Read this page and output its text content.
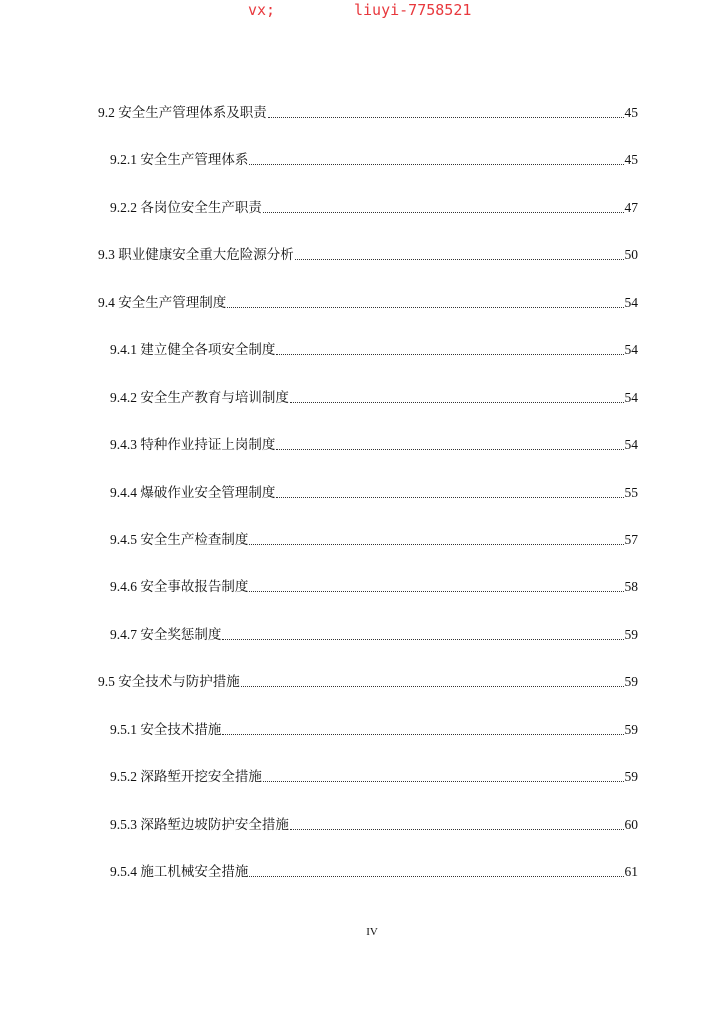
vx;

	liuyi-7758521

9.2 安全生产管理体系及职责	45
9.2.1 安全生产管理体系	45
9.2.2 各岗位安全生产职责	47
9.3 职业健康安全重大危险源分析	50
9.4 安全生产管理制度	54
9.4.1 建立健全各项安全制度	54
9.4.2 安全生产教育与培训制度	54
9.4.3 特种作业持证上岗制度	54
9.4.4 爆破作业安全管理制度	55
9.4.5 安全生产检查制度	57
9.4.6 安全事故报告制度	58
9.4.7 安全奖惩制度	59
9.5 安全技术与防护措施	59
9.5.1 安全技术措施	59
9.5.2 深路堑开挖安全措施	59
9.5.3 深路堑边坡防护安全措施	60
9.5.4 施工机械安全措施	61
IV
